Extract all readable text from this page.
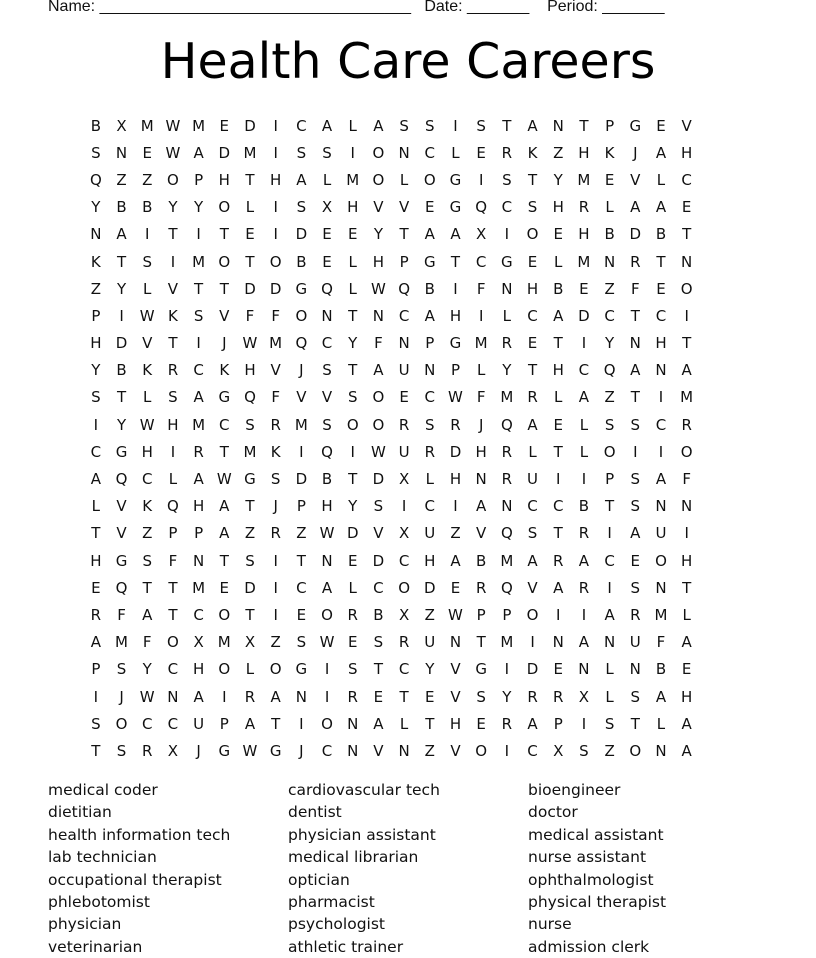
Name: ___________________________________   Date: _______    Period: _______
Health Care Careers
B	X M W M E	D	I	C	A	L	A	S	S	I	S	T	A N	T	P	G	E	V
S	N	E W A D M	I	S	S	I	O N C	L	E	R	K	Z H	K	J	A H
Q Z	Z O	P	H	T	H A	L	M O	L	O G	I	S	T	Y M E	V	L	C
Y	B	B	Y	Y	O	L	I	S	X H V	V	E	G Q C	S	H R	L	A	A	E
N A	I	T	I	T	E	I	D	E	E	Y	T	A	A	X	I	O	E	H B D B	T
K	T	S	I	M O	T	O B	E	L	H	P	G	T	C G	E	L	M N R	T	N
Z	Y	L	V	T	T	D D G Q	L W Q B	I	F	N H B	E	Z	F	E	O
P	I	W K	S	V	F	F	O N	T	N C	A H	I	L	C	A D C	T	C	I
H D V	T	I	J	W M Q C	Y	F	N	P	G M R	E	T	I	Y	N H	T
Y	B	K	R	C	K	H V	J	S	T	A	U N	P	L	Y	T	H C Q A N A
S	T	L	S	A G Q	F	V	V	S	O	E	C W F M R	L	A	Z	T	I	M
I	Y W H M C	S	R M S	O O R	S	R	J	Q A	E	L	S	S	C	R
C G H	I	R	T M K	I	Q	I	W U R D H R	L	T	L	O	I	I	O
A Q C	L	A W G	S	D B	T	D X	L	H N R U	I	I	P	S	A	F
L	V	K Q H A	T	J	P	H	Y	S	I	C	I	A N C	C	B	T	S	N N
T	V	Z	P	P	A	Z	R	Z W D V	X	U	Z	V Q	S	T	R	I	A	U	I
H G	S	F	N	T	S	I	T	N	E	D C H A	B M A	R	A	C	E	O H
E	Q	T	T M E	D	I	C	A	L	C O D	E	R Q V	A	R	I	S	N	T
R	F	A	T	C O	T	I	E	O R	B	X	Z W P	P	O	I	I	A	R M	L
A M F	O X M X	Z	S W E	S	R U N	T M	I	N A N U	F	A
P	S	Y	C H O	L	O G	I	S	T	C	Y	V G	I	D	E	N	L	N B	E
I	J	W N A	I	R	A N	I	R	E	T	E	V	S	Y	R	R	X	L	S	A H
S	O C	C U	P	A	T	I	O N A	L	T	H	E	R	A	P	I	S	T	L	A
T	S	R	X	J	G W G	J	C N V N Z	V O	I	C	X	S	Z O N A
medical coder
dietitian
health information tech
lab technician
occupational therapist
phlebotomist
physician
veterinarian
cardiovascular tech
dentist
physician assistant
medical librarian
optician
pharmacist
psychologist
athletic trainer
bioengineer
doctor
medical assistant
nurse assistant
ophthalmologist
physical therapist
nurse
admission clerk
